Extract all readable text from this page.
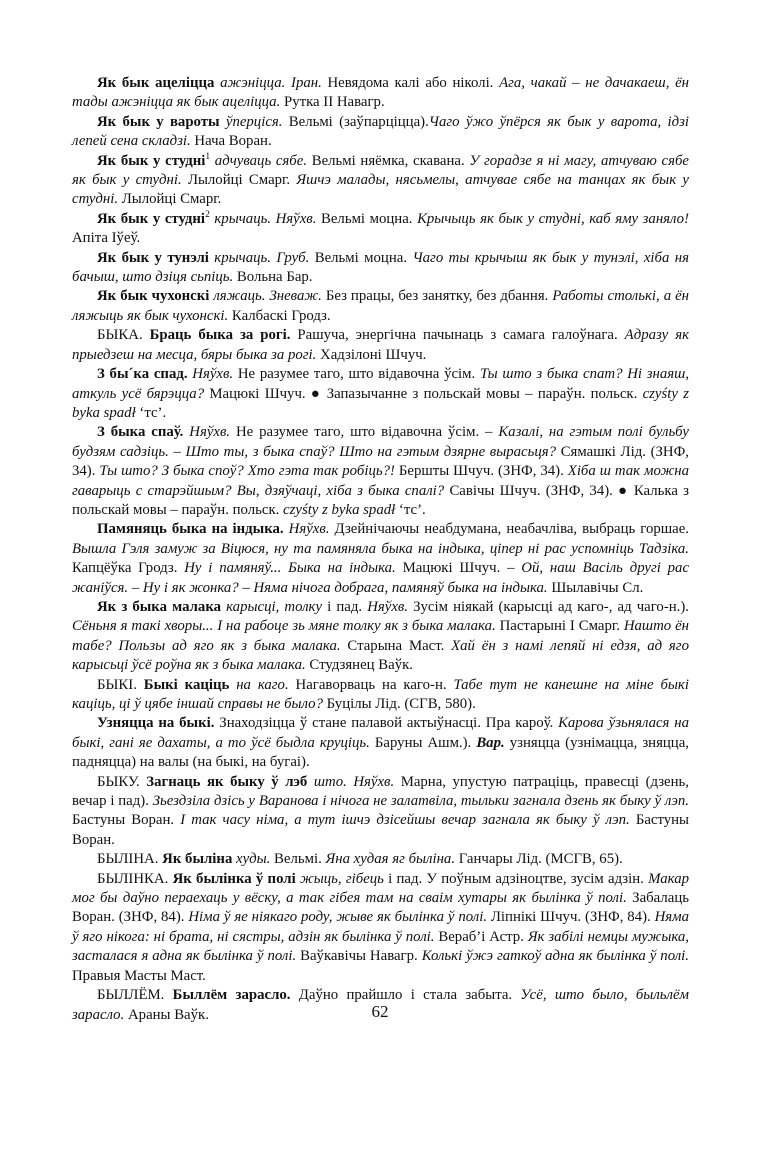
Як бык ацеліцца ажэніцца. Іран. Невядома калі або ніколі. Ага, чакай – не дачакаеш, ён тады ажэніцца як бык ацеліцца. Рутка ІІ Навагр.

Як бык у вароты ўперціся. Вельмі (заўпарціцца).Чаго ўжо ўпёрся як бык у варота, ідзі лепей сена складзі. Нача Воран.

Як бык у студні$^1$ адчуваць сябе. Вельмі няёмка, скавана. У горадзе я ні магу, атчуваю сябе як бык у студні. Лылойці Смарг. Яшчэ малады, нясьмелы, атчувае сябе на танцах як бык у студні. Лылойці Смарг.

Як бык у студні$^2$ крычаць. Няўхв. Вельмі моцна. Крычыць як бык у студні, каб яму заняло! Апіта Іўеў.

Як бык у тунэлі крычаць. Груб. Вельмі моцна. Чаго ты крычыш як бык у тунэлі, хіба ня бачыш, што дзіця сьпіць. Вольна Бар.

Як бык чухонскі ляжаць. Зневаж. Без працы, без занятку, без дбання. Работы столькі, а ён ляжыць як бык чухонскі. Калбаскі Гродз.

БЫКА. Браць быка за рогі. Рашуча, энергічна пачынаць з самага галоўнага. Адразу як прыедзеш на месца, бяры быка за рогі. Хадзілоні Шчуч.

З бы´ка спад. Няўхв. Не разумее таго, што відавочна ўсім. Ты што з быка спат? Ні знаяш, аткуль усё бярэцца? Мацюкі Шчуч. ● Запазычанне з польскай мовы – параўн. польск. czyśty z byka spadł ‘тс’.

З быка спаў. Няўхв. Не разумее таго, што відавочна ўсім. – Казалі, на гэтым полі бульбу будзям садзіць. – Што ты, з быка спаў? Што на гэтым дзярне вырасьця? Сямашкі Лід. (ЗНФ, 34). Ты што? З быка споў? Хто гэта так робіць?! Бершты Шчуч. (ЗНФ, 34). Хіба ш так можна гаварыць с старэйшым? Вы, дзяўчаці, хіба з быка спалі? Савічы Шчуч. (ЗНФ, 34). ● Калька з польскай мовы – параўн. польск. czyśty z byka spadł ‘тс’.

Памяняць быка на індыка. Няўхв. Дзейнічаючы неабдумана, неабачліва, выбраць горшае. Вышла Гэля замуж за Віцюся, ну та памяняла быка на індыка, ціпер ні рас успомніць Тадзіка. Капцёўка Гродз. Ну і памяняў... Быка на індыка. Мацюкі Шчуч. – Ой, наш Васіль другі рас жаніўся. – Ну і як жонка? – Няма нічога добрага, памяняў быка на індыка. Шылавічы Сл.

Як з быка малака карысці, толку і пад. Няўхв. Зусім ніякай (карысці ад каго-, ад чаго-н.). Сёньня я такі хворы... І на рабоце зь мяне толку як з быка малака. Пастарыні І Смарг. Нашто ён табе? Пользы ад яго як з быка малака. Старына Маст. Хай ён з намі лепяй ні едзя, ад яго карысьці ўсё роўна як з быка малака. Студзянец Ваўк.

БЫКІ. Быкі каціць на каго. Нагаворваць на каго-н. Табе тут не канешне на міне быкі каціць, ці ў цябе іншай справы не было? Буцілы Лід. (СГВ, 580).

Узняцца на быкі. Знаходзіцца ў стане палавой актыўнасці. Пра кароў. Карова ўзьнялася на быкі, гані яе дахаты, а то ўсё быдла круціць. Баруны Ашм.). Вар. узняцца (узнімацца, зняцца, падняцца) на валы (на быкі, на бугаі).

БЫКУ. Загнаць як быку ў лэб што. Няўхв. Марна, упустую патраціць, правесці (дзень, вечар і пад). Зьездзіла дзісь у Варанова і нічога не залатвіла, тыльки загнала дзень як быку ў лэп. Бастуны Воран. І так часу німа, а тут ішчэ дзісейшы вечар загнала як быку ў лэп. Бастуны Воран.

БЫЛІНА. Як быліна худы. Вельмі. Яна худая яг быліна. Ганчары Лід. (МСГВ, 65).

БЫЛІНКА. Як былінка ў полі жыць, гібець і пад. У поўным адзіноцтве, зусім адзін. Макар мог бы даўно пераехаць у вёску, а так гібея там на сваім хутары як былінка ў полі. Забалаць Воран. (ЗНФ, 84). Німа ў яе ніякаго роду, жыве як былінка ў полі. Ліпнікі Шчуч. (ЗНФ, 84). Няма ў яго нікога: ні брата, ні сястры, адзін як былінка ў полі. Вераб’і Астр. Як забілі немцы мужыка, засталася я адна як былінка ў полі. Ваўкавічы Навагр. Колькі ўжэ гаткоў адна як былінка ў полі. Правыя Масты Маст.

БЫЛЛЁМ. Быллём зарасло. Даўно прайшло і стала забыта. Усё, што было, быльлём зарасло. Араны Ваўк.	62
